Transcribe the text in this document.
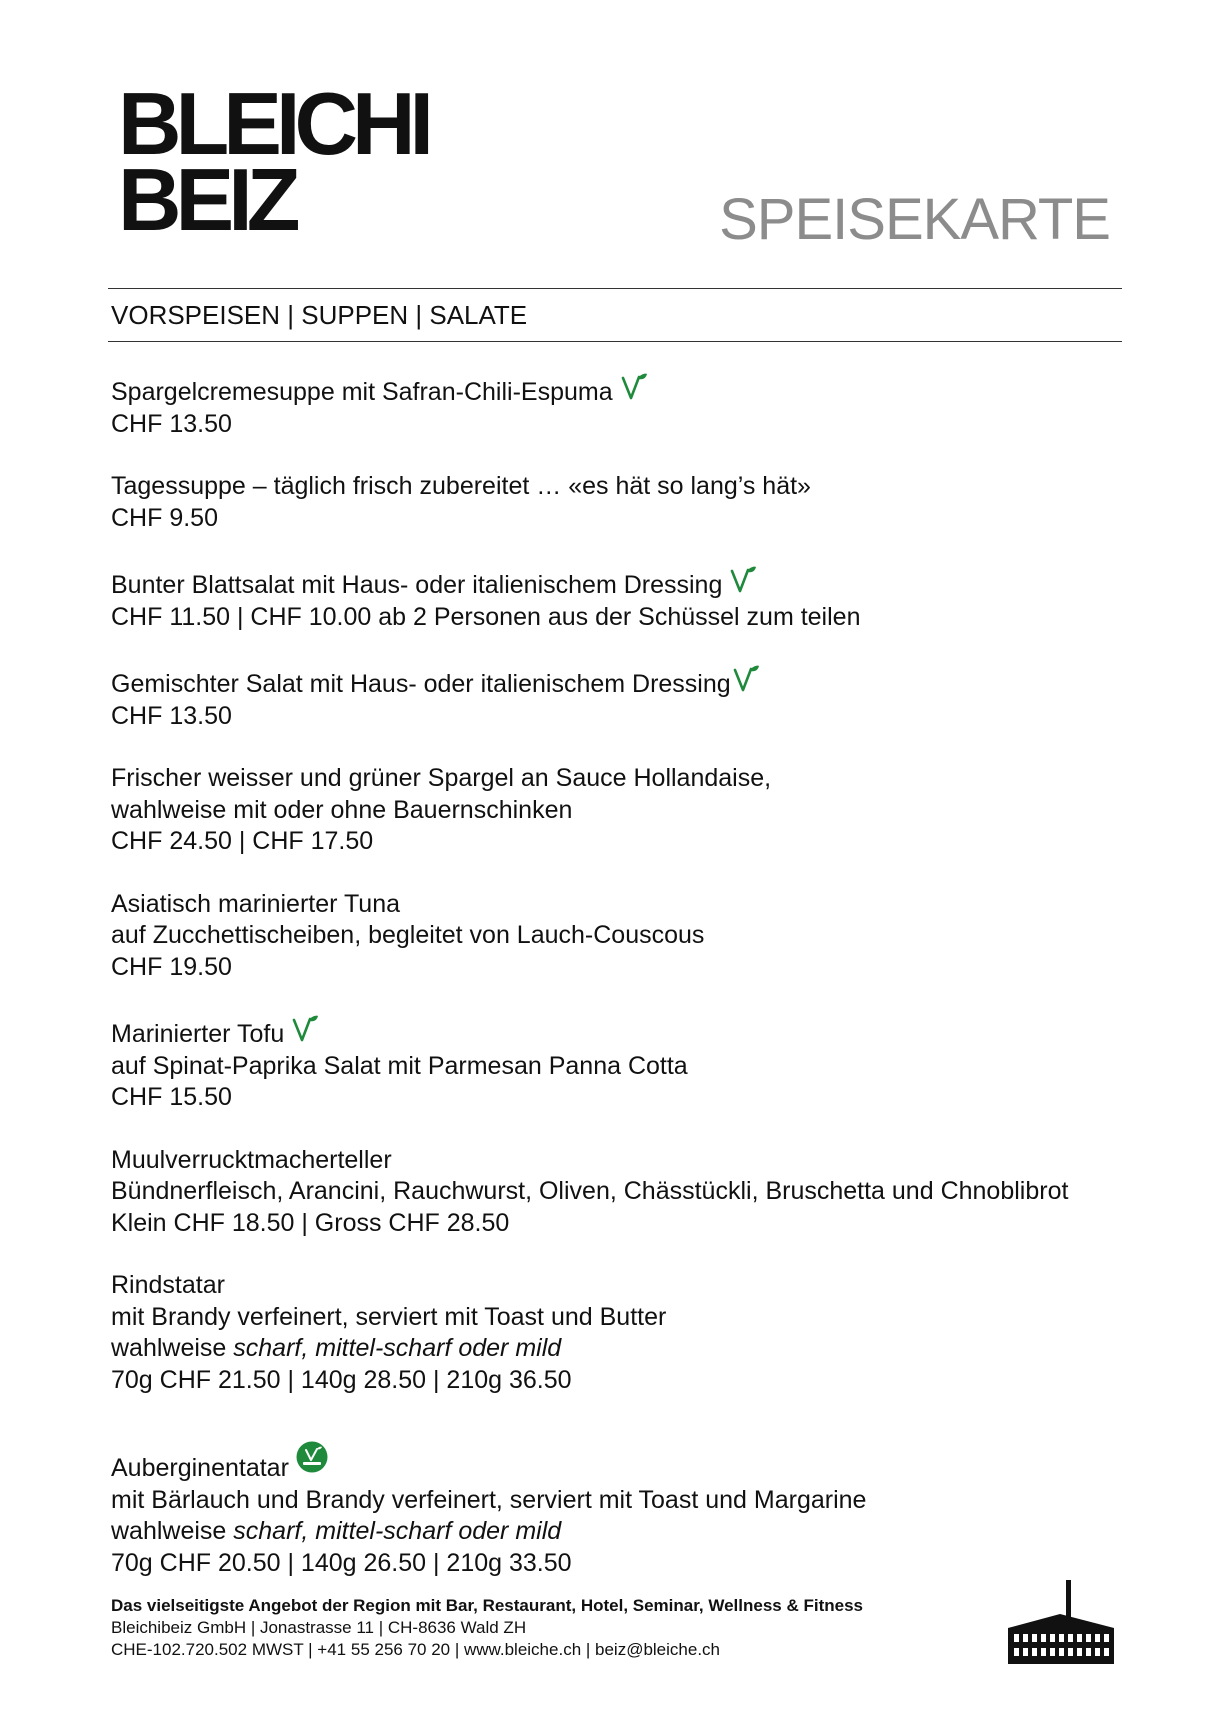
BLEICHI
BEIZ	SPEISEKARTE
VORSPEISEN | SUPPEN | SALATE
Spargelcremesuppe mit Safran-Chili-Espuma
CHF 13.50
Tagessuppe – täglich frisch zubereitet … «es hät so lang’s hät»
CHF 9.50
Bunter Blattsalat mit Haus- oder italienischem Dressing
CHF 11.50 | CHF 10.00 ab 2 Personen aus der Schüssel zum teilen
Gemischter Salat mit Haus- oder italienischem Dressing
CHF 13.50
Frischer weisser und grüner Spargel an Sauce Hollandaise,
wahlweise mit oder ohne Bauernschinken
CHF 24.50 | CHF 17.50
Asiatisch marinierter Tuna
auf Zucchettischeiben, begleitet von Lauch-Couscous
CHF 19.50
Marinierter Tofu
auf Spinat-Paprika Salat mit Parmesan Panna Cotta
CHF 15.50
Muulverrucktmacherteller
Bündnerfleisch, Arancini, Rauchwurst, Oliven, Chässtückli, Bruschetta und Chnoblibrot
Klein CHF 18.50 | Gross CHF 28.50
Rindstatar
mit Brandy verfeinert, serviert mit Toast und Butter
wahlweise scharf, mittel-scharf oder mild
70g CHF 21.50 | 140g 28.50 | 210g 36.50
Auberginentatar
mit Bärlauch und Brandy verfeinert, serviert mit Toast und Margarine
wahlweise scharf, mittel-scharf oder mild
70g CHF 20.50 | 140g 26.50 | 210g 33.50
Das vielseitigste Angebot der Region mit Bar, Restaurant, Hotel, Seminar, Wellness & Fitness
Bleichibeiz GmbH | Jonastrasse 11 | CH-8636 Wald ZH
CHE-102.720.502 MWST | +41 55 256 70 20 | www.bleiche.ch | beiz@bleiche.ch
